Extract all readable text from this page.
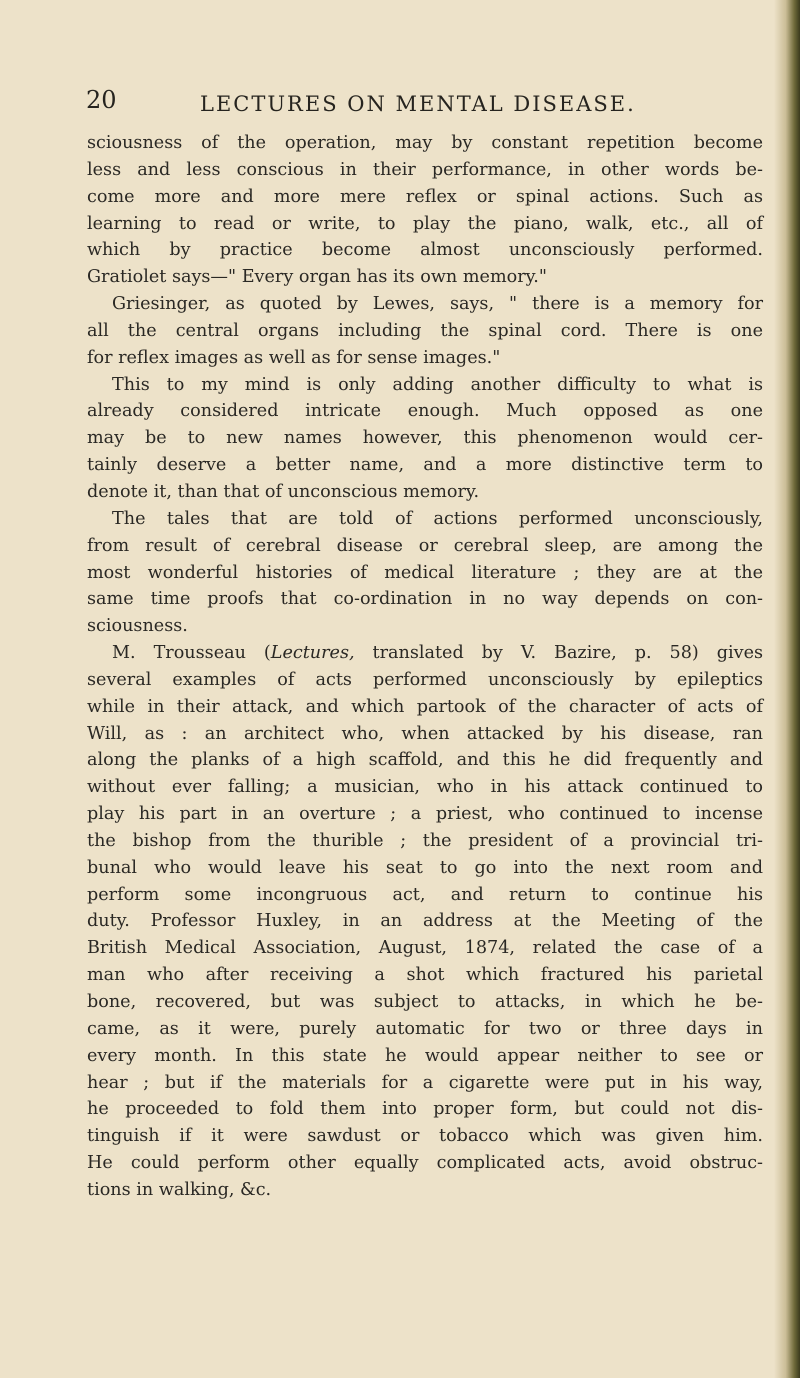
20	LECTURES ON MENTAL DISEASE.
sciousness of the operation, may by constant repetition become
less and less conscious in their performance, in other words be-
come more and more mere reflex or spinal actions. Such as
learning to read or write, to play the piano, walk, etc., all of
which by practice become almost unconsciously performed.
Gratiolet says—" Every organ has its own memory."
Griesinger, as quoted by Lewes, says, " there is a memory for
all the central organs including the spinal cord. There is one
for reflex images as well as for sense images."
This to my mind is only adding another difficulty to what is
already considered intricate enough. Much opposed as one
may be to new names however, this phenomenon would cer-
tainly deserve a better name, and a more distinctive term to
denote it, than that of unconscious memory.
The tales that are told of actions performed unconsciously,
from result of cerebral disease or cerebral sleep, are among the
most wonderful histories of medical literature ; they are at the
same time proofs that co-ordination in no way depends on con-
sciousness.
M. Trousseau (Lectures, translated by V. Bazire, p. 58) gives
several examples of acts performed unconsciously by epileptics
while in their attack, and which partook of the character of acts of
Will, as : an architect who, when attacked by his disease, ran
along the planks of a high scaffold, and this he did frequently and
without ever falling; a musician, who in his attack continued to
play his part in an overture ; a priest, who continued to incense
the bishop from the thurible ; the president of a provincial tri-
bunal who would leave his seat to go into the next room and
perform some incongruous act, and return to continue his
duty. Professor Huxley, in an address at the Meeting of the
British Medical Association, August, 1874, related the case of a
man who after receiving a shot which fractured his parietal
bone, recovered, but was subject to attacks, in which he be-
came, as it were, purely automatic for two or three days in
every month. In this state he would appear neither to see or
hear ; but if the materials for a cigarette were put in his way,
he proceeded to fold them into proper form, but could not dis-
tinguish if it were sawdust or tobacco which was given him.
He could perform other equally complicated acts, avoid obstruc-
tions in walking, &c.
